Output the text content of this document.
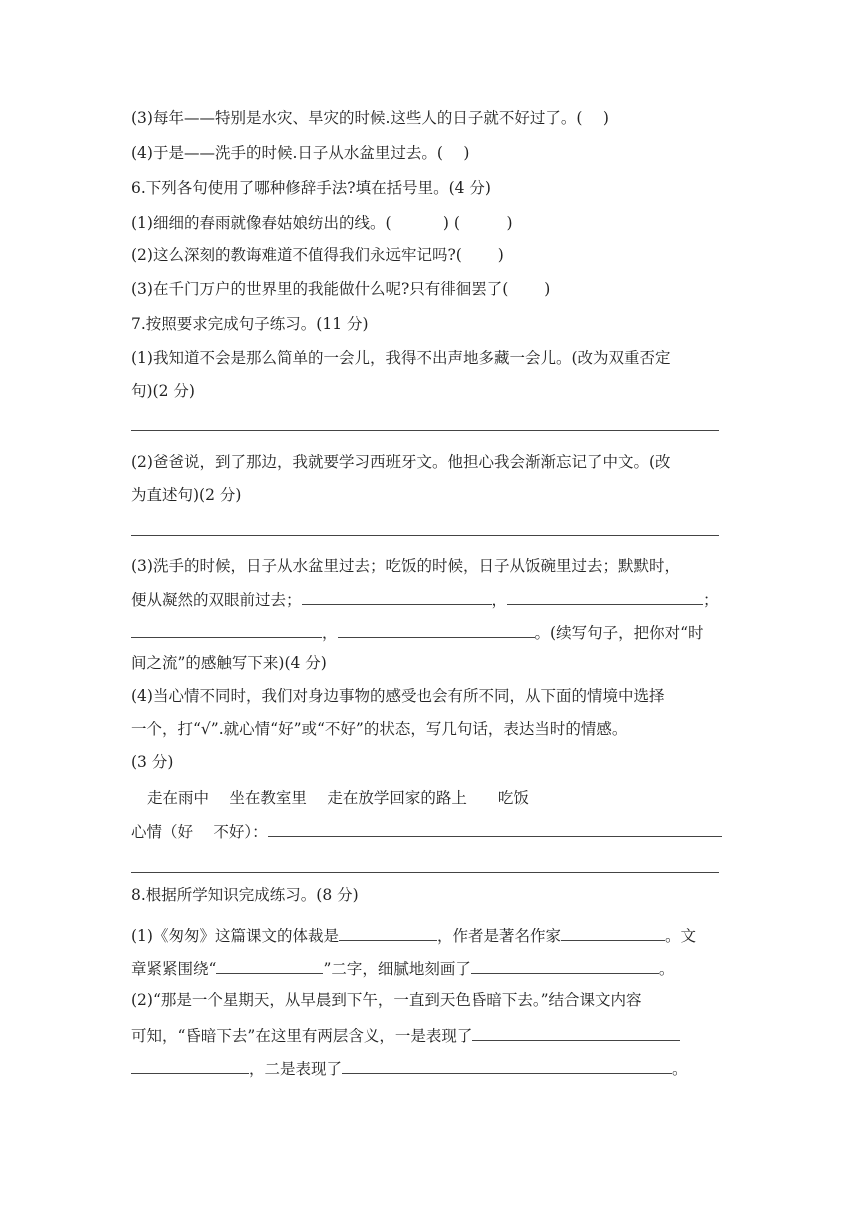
(3)每年——特别是水灾、旱灾的时候.这些人的日子就不好过了。(  )
(4)于是——洗手的时候.日子从水盆里过去。(  )
6.下列各句使用了哪种修辞手法?填在括号里。(4 分)
(1)细细的春雨就像春姑娘纺出的线。(    ) (   )
(2)这么深刻的教诲难道不值得我们永远牢记吗?(   )
(3)在千门万户的世界里的我能做什么呢?只有徘徊罢了(   )
7.按照要求完成句子练习。(11 分)
(1)我知道不会是那么简单的一会儿，我得不出声地多藏一会儿。(改为双重否定
句)(2 分)
(2)爸爸说，到了那边，我就要学习西班牙文。他担心我会渐渐忘记了中文。(改
为直述句)(2 分)
(3)洗手的时候，日子从水盆里过去；吃饭的时候，日子从饭碗里过去；默默时，
便从凝然的双眼前过去；	，	；
，	。(续写句子，把你对“时
间之流”的感触写下来)(4 分)
(4)当心情不同时，我们对身边事物的感受也会有所不同，从下面的情境中选择
一个，打“√”.就心情“好”或“不好”的状态，写几句话，表达当时的情感。
(3 分)
走在雨中  坐在教室里  走在放学回家的路上  吃饭
心情（好  不好）：
8.根据所学知识完成练习。(8 分)
(1)《匆匆》这篇课文的体裁是	，作者是著名作家	。文
章紧紧围绕“	”二字，细腻地刻画了	。
(2)“那是一个星期天，从早晨到下午，一直到天色昏暗下去。”结合课文内容
可知，“昏暗下去”在这里有两层含义，一是表现了
，二是表现了	。
